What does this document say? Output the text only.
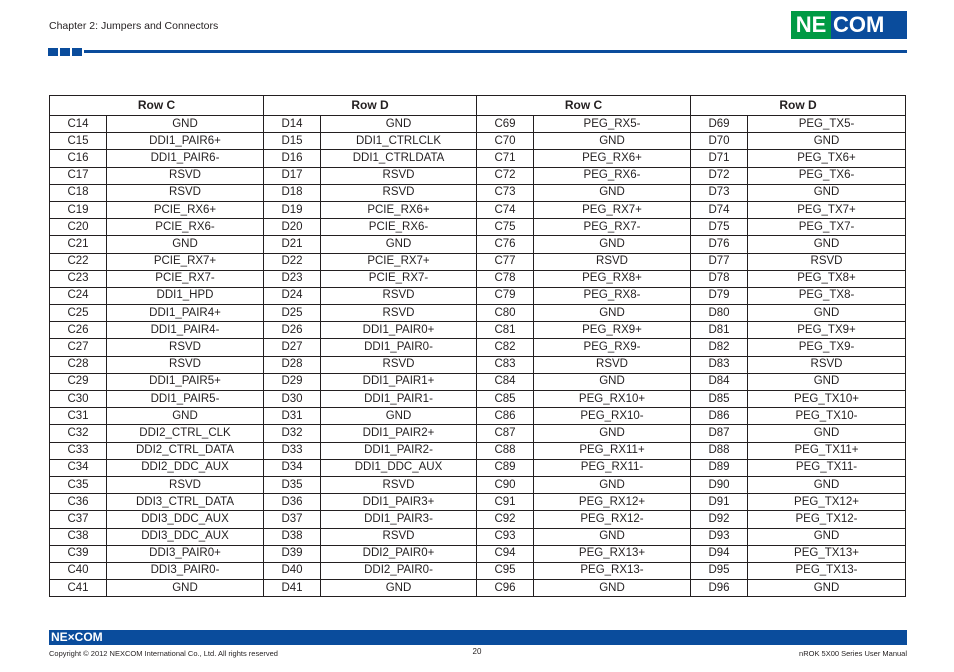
Chapter 2: Jumpers and Connectors	NE COM
Row C		Row D		Row C		Row D	
C14	GND	D14	GND	C69	PEG_RX5-	D69	PEG_TX5-
C15	DDI1_PAIR6+	D15	DDI1_CTRLCLK	C70	GND	D70	GND
C16	DDI1_PAIR6-	D16	DDI1_CTRLDATA	C71	PEG_RX6+	D71	PEG_TX6+
C17	RSVD	D17	RSVD	C72	PEG_RX6-	D72	PEG_TX6-
C18	RSVD	D18	RSVD	C73	GND	D73	GND
C19	PCIE_RX6+	D19	PCIE_RX6+	C74	PEG_RX7+	D74	PEG_TX7+
C20	PCIE_RX6-	D20	PCIE_RX6-	C75	PEG_RX7-	D75	PEG_TX7-
C21	GND	D21	GND	C76	GND	D76	GND
C22	PCIE_RX7+	D22	PCIE_RX7+	C77	RSVD	D77	RSVD
C23	PCIE_RX7-	D23	PCIE_RX7-	C78	PEG_RX8+	D78	PEG_TX8+
C24	DDI1_HPD	D24	RSVD	C79	PEG_RX8-	D79	PEG_TX8-
C25	DDI1_PAIR4+	D25	RSVD	C80	GND	D80	GND
C26	DDI1_PAIR4-	D26	DDI1_PAIR0+	C81	PEG_RX9+	D81	PEG_TX9+
C27	RSVD	D27	DDI1_PAIR0-	C82	PEG_RX9-	D82	PEG_TX9-
C28	RSVD	D28	RSVD	C83	RSVD	D83	RSVD
C29	DDI1_PAIR5+	D29	DDI1_PAIR1+	C84	GND	D84	GND
C30	DDI1_PAIR5-	D30	DDI1_PAIR1-	C85	PEG_RX10+	D85	PEG_TX10+
C31	GND	D31	GND	C86	PEG_RX10-	D86	PEG_TX10-
C32	DDI2_CTRL_CLK	D32	DDI1_PAIR2+	C87	GND	D87	GND
C33	DDI2_CTRL_DATA	D33	DDI1_PAIR2-	C88	PEG_RX11+	D88	PEG_TX11+
C34	DDI2_DDC_AUX	D34	DDI1_DDC_AUX	C89	PEG_RX11-	D89	PEG_TX11-
C35	RSVD	D35	RSVD	C90	GND	D90	GND
C36	DDI3_CTRL_DATA	D36	DDI1_PAIR3+	C91	PEG_RX12+	D91	PEG_TX12+
C37	DDI3_DDC_AUX	D37	DDI1_PAIR3-	C92	PEG_RX12-	D92	PEG_TX12-
C38	DDI3_DDC_AUX	D38	RSVD	C93	GND	D93	GND
C39	DDI3_PAIR0+	D39	DDI2_PAIR0+	C94	PEG_RX13+	D94	PEG_TX13+
C40	DDI3_PAIR0-	D40	DDI2_PAIR0-	C95	PEG_RX13-	D95	PEG_TX13-
C41	GND	D41	GND	C96	GND	D96	GND
NE×COM
Copyright © 2012 NEXCOM International Co., Ltd. All rights reserved	20	nROK 5X00 Series User Manual
